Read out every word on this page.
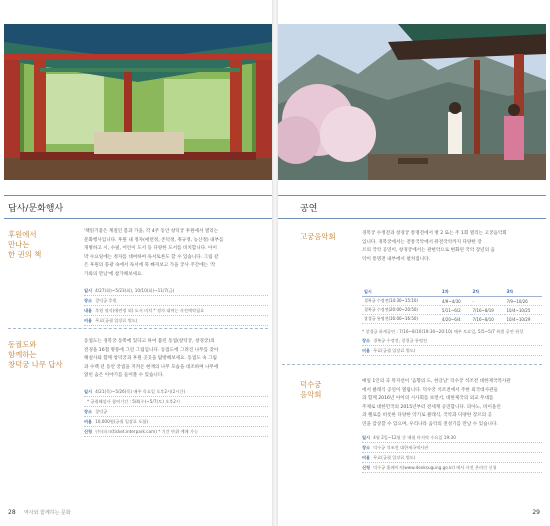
답사/문화행사
후원에서
만나는
한 권의 책
'책읽기좋은 계절인 봄과 가을, 각 4주 동안 창덕궁 후원에서 열리는
문화행사입니다. 후원 내 정자(애련정, 존덕정, 취규정, 농산정) 내부를
개방하고 시, 수필, 어린이 도서 등 다양한 도서를 비치합니다. 아이
막 수요일에는 정자를 대여하여 독서토론도 할 수 있습니다. 그림 같
은 후원의 풍광 속에서 독서에 푹 빠져보고 가을 궁사 주간에는 '작
가와의 만남'에 참가해보세요.
일시 4/27(화)~5/23(화), 10/10(화)~11/7(금)
장소 창덕궁 후원
내용 후원 정자(애련정 외) 도서 비치 * 정자 대여는 사전예약필요
비용 무료(궁궐 입장료 별도)
동궐도와
함께하는
창덕궁 나무 답사
동궐도는 경복궁 동쪽에 있다고 하여 불린 동궐(창덕궁, 창경궁)의
전경을 16첩 병풍에 그린 그림입니다. 동궐도에 그려진 나무를 찾아
해설사와 함께 창덕궁과 후원 곳곳을 탐방해보세요. 동궐도 속 그림
과 수백 년 동안 궁궐을 지켜온 현재의 나무 모습을 대조하며 나무에
얽힌 숨은 이야기를 들어볼 수 있습니다.
일시 4/21(목)~5/26(목) 매주 목요일 오후2시(2시간)
* 궁궐해설사 참여기간 : 5/4(수)~5/7(토) 오후2시
장소 창덕궁
비용 10,000원(궁궐 입장료 포함)
신청 인터파크(ticket.interpark.com) * 기간 단위 예매 가능
28 역사와 함께하는 문화
공연
고궁음악회	경복궁 수정전과 창경궁 통명전에서 방 2 또는 주 1회 열리는 고궁음악회
입니다. 경복궁에서는 전통국악에서 퓨전국악까지 다양한 장
르의 국악 공연이, 창경궁에서는 관현악으로 변화된 국악 장년의 음
악이 통명전 내부에서 펼쳐집니다.
일시	1차	2차	3차
경복궁 수정전(14:30~15:10)	4/9~4/30	-	7/9~10/26
경복궁 수정전(20:00~20:50)	5/11~6/2	7/16~8/19	10/4~10/25
창경궁 통명전(16:00~16:50)	4/20~6/4	7/16~8/10	10/4~10/29
* 창경궁 하계공연 : 7/16~8/10(19:30~20:10) 매주 토요일, 5/5~5/7 특별 공연 편성
장소 경복궁 수정전, 창경궁 통명전
비용 무료(궁궐 입장료 별도)
덕수궁
음악회
매일 1인의 곡 뮤지션이 '음향의 도, 한글날' 덕수궁 석조전 대한제국역사관
에서 클래식 공연이 열립니다. 덕수궁 석조전에서 주한 외국대사관들
과 함께 2016년 아이의 시사회를 보면서, 대한제국의 외교 무대를
주제로 대한민국의 2015년부터 전세계 공연합니다. 피아노, 바이올린
과 첼로를 비롯한 다양한 악기로 클래식, 국악과 다양한 장르의 공
연을 감상할 수 있으며, 우리나라 음악의 전성기를 만날 수 있습니다.
일시 4월 2일~12월 중 매월 마지막 수요일 19:30
장소 덕수궁 석조전 대한제국역사관
비용 무료(궁궐 입장료 별도)
신청 덕수궁 홈페이지(www.deoksugung.go.kr) 에서 사전 온라인 신청
29
